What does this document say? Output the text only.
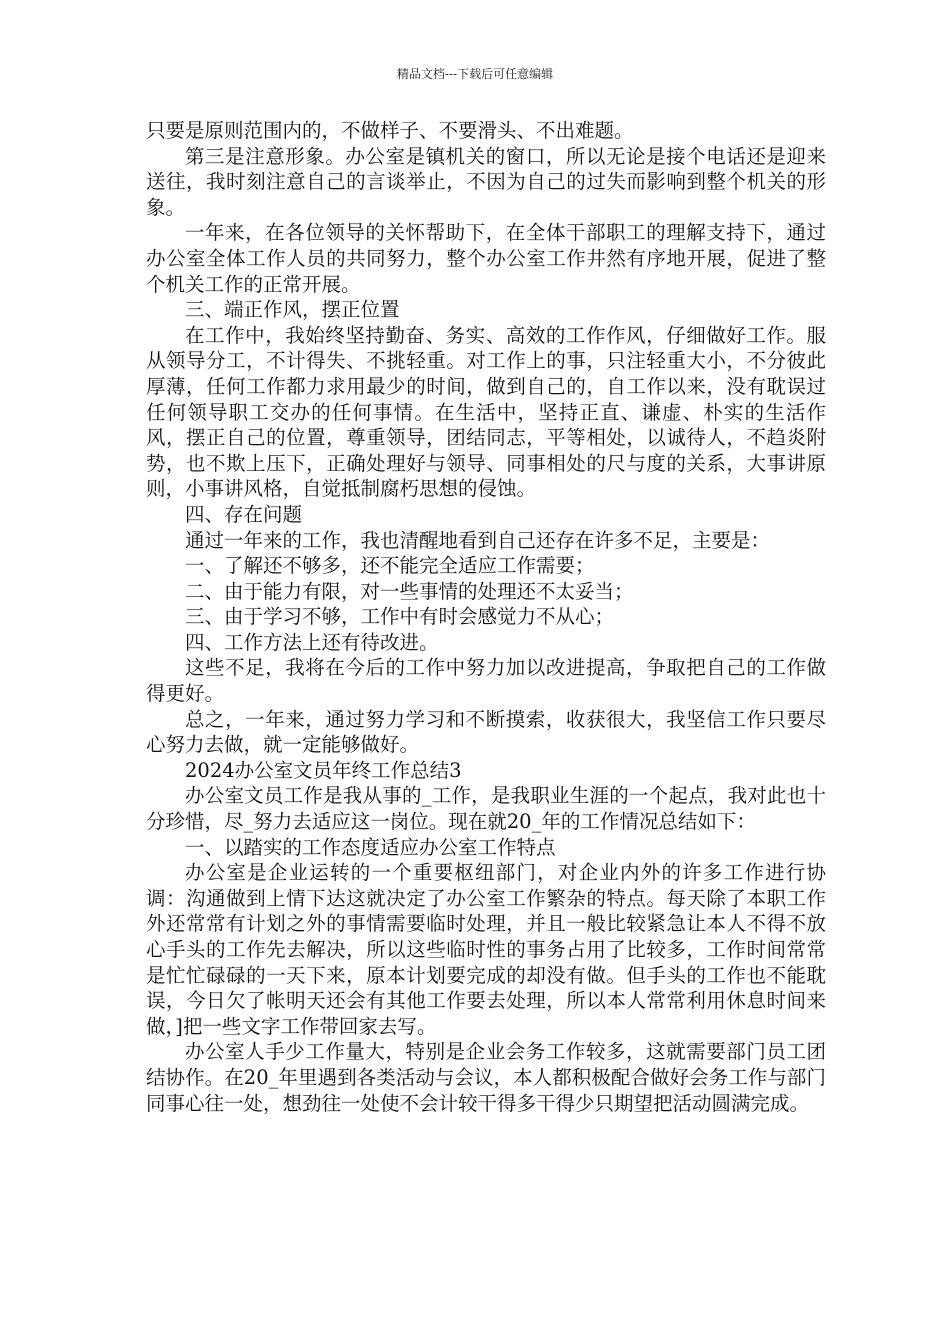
精品文档---下载后可任意编辑

只要是原则范围内的，不做样子、不要滑头、不出难题。

第三是注意形象。办公室是镇机关的窗口，所以无论是接个电话还是迎来送往，我时刻注意自己的言谈举止，不因为自己的过失而影响到整个机关的形象。

一年来，在各位领导的关怀帮助下，在全体干部职工的理解支持下，通过办公室全体工作人员的共同努力，整个办公室工作井然有序地开展，促进了整个机关工作的正常开展。

三、端正作风，摆正位置

在工作中，我始终坚持勤奋、务实、高效的工作作风，仔细做好工作。服从领导分工，不计得失、不挑轻重。对工作上的事，只注轻重大小，不分彼此厚薄，任何工作都力求用最少的时间，做到自己的，自工作以来，没有耽误过任何领导职工交办的任何事情。在生活中，坚持正直、谦虚、朴实的生活作风，摆正自己的位置，尊重领导，团结同志，平等相处，以诚待人，不趋炎附势，也不欺上压下，正确处理好与领导、同事相处的尺与度的关系，大事讲原则，小事讲风格，自觉抵制腐朽思想的侵蚀。

四、存在问题

通过一年来的工作，我也清醒地看到自己还存在许多不足，主要是：

一、了解还不够多，还不能完全适应工作需要；

二、由于能力有限，对一些事情的处理还不太妥当；

三、由于学习不够，工作中有时会感觉力不从心；

四、工作方法上还有待改进。

这些不足，我将在今后的工作中努力加以改进提高，争取把自己的工作做得更好。

总之，一年来，通过努力学习和不断摸索，收获很大，我坚信工作只要尽心努力去做，就一定能够做好。

2024办公室文员年终工作总结3

办公室文员工作是我从事的_工作，是我职业生涯的一个起点，我对此也十分珍惜，尽_努力去适应这一岗位。现在就20_年的工作情况总结如下：

一、以踏实的工作态度适应办公室工作特点

办公室是企业运转的一个重要枢纽部门，对企业内外的许多工作进行协调：沟通做到上情下达这就决定了办公室工作繁杂的特点。每天除了本职工作外还常常有计划之外的事情需要临时处理，并且一般比较紧急让本人不得不放心手头的工作先去解决，所以这些临时性的事务占用了比较多，工作时间常常是忙忙碌碌的一天下来，原本计划要完成的却没有做。但手头的工作也不能耽误，今日欠了帐明天还会有其他工作要去处理，所以本人常常利用休息时间来做，]把一些文字工作带回家去写。

办公室人手少工作量大，特别是企业会务工作较多，这就需要部门员工团结协作。在20_年里遇到各类活动与会议，本人都积极配合做好会务工作与部门同事心往一处，想劲往一处使不会计较干得多干得少只期望把活动圆满完成。
